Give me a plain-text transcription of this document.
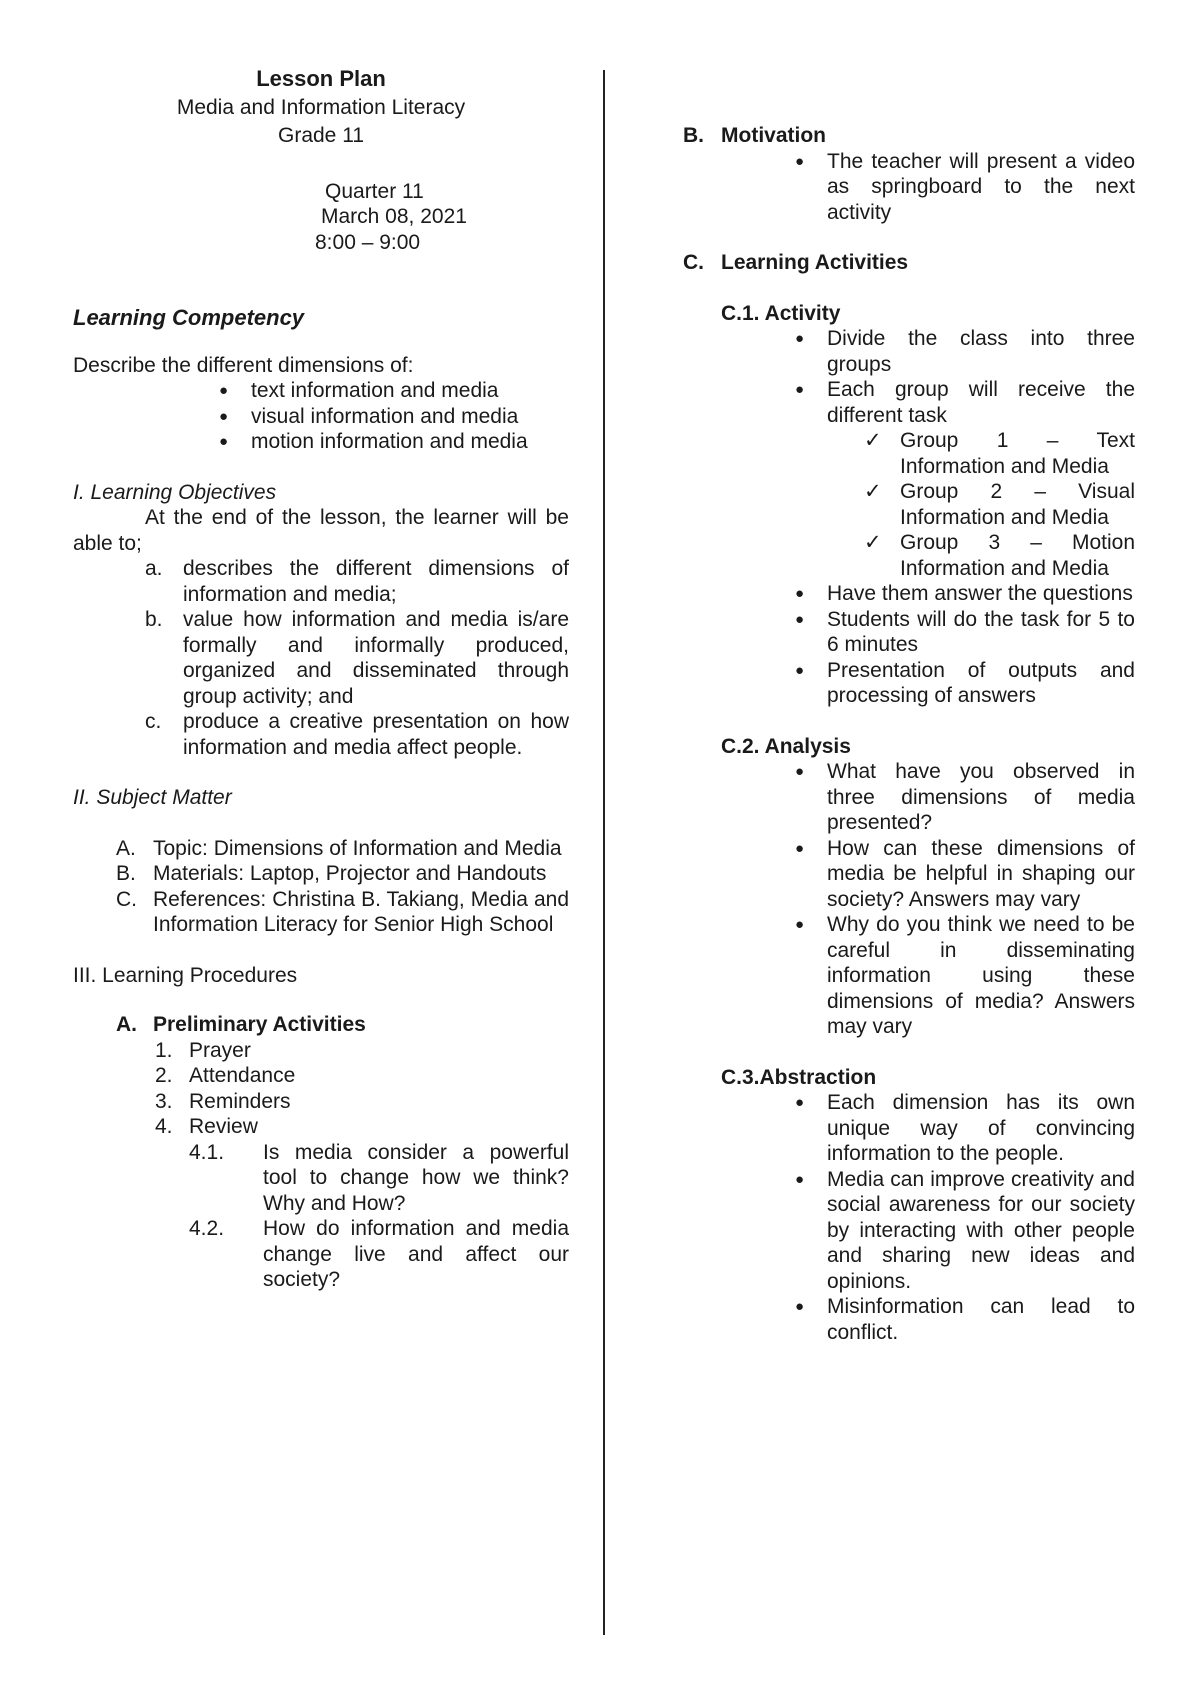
Lesson Plan
Media and Information Literacy
Grade 11
Quarter 11
March 08, 2021
8:00 – 9:00
Learning Competency
Describe the different dimensions of:
● text information and media
● visual information and media
● motion information and media
I. Learning Objectives
At the end of the lesson, the learner will be able to;
a. describes the different dimensions of information and media;

b. value how information and media is/are formally and informally produced, organized and disseminated through group activity; and

c. produce a creative presentation on how information and media affect people.

II. Subject Matter
A. Topic: Dimensions of Information and Media

B. Materials: Laptop, Projector and Handouts

C. References: Christina B. Takiang, Media and Information Literacy for Senior High School

III. Learning Procedures
A. Preliminary Activities
1. Prayer
2. Attendance
3. Reminders
4. Review
4.1. Is media consider a powerful tool to change how we think? Why and How?

4.2. How do information and media change live and affect our society?

B. Motivation
● The teacher will present a video as springboard to the next activity

C. Learning Activities
C.1. Activity
● Divide the class into three groups

● Each group will receive the different task

✓ Group 1 – Text Information and Media

✓ Group 2 – Visual Information and Media

✓ Group 3 – Motion Information and Media

● Have them answer the questions

● Students will do the task for 5 to 6 minutes

● Presentation of outputs and processing of answers

C.2. Analysis
● What have you observed in three dimensions of media presented?

● How can these dimensions of media be helpful in shaping our society? Answers may vary

● Why do you think we need to be careful in disseminating information using these dimensions of media? Answers may vary

C.3.Abstraction
● Each dimension has its own unique way of convincing information to the people.

● Media can improve creativity and social awareness for our society by interacting with other people and sharing new ideas and opinions.

● Misinformation can lead to conflict.
